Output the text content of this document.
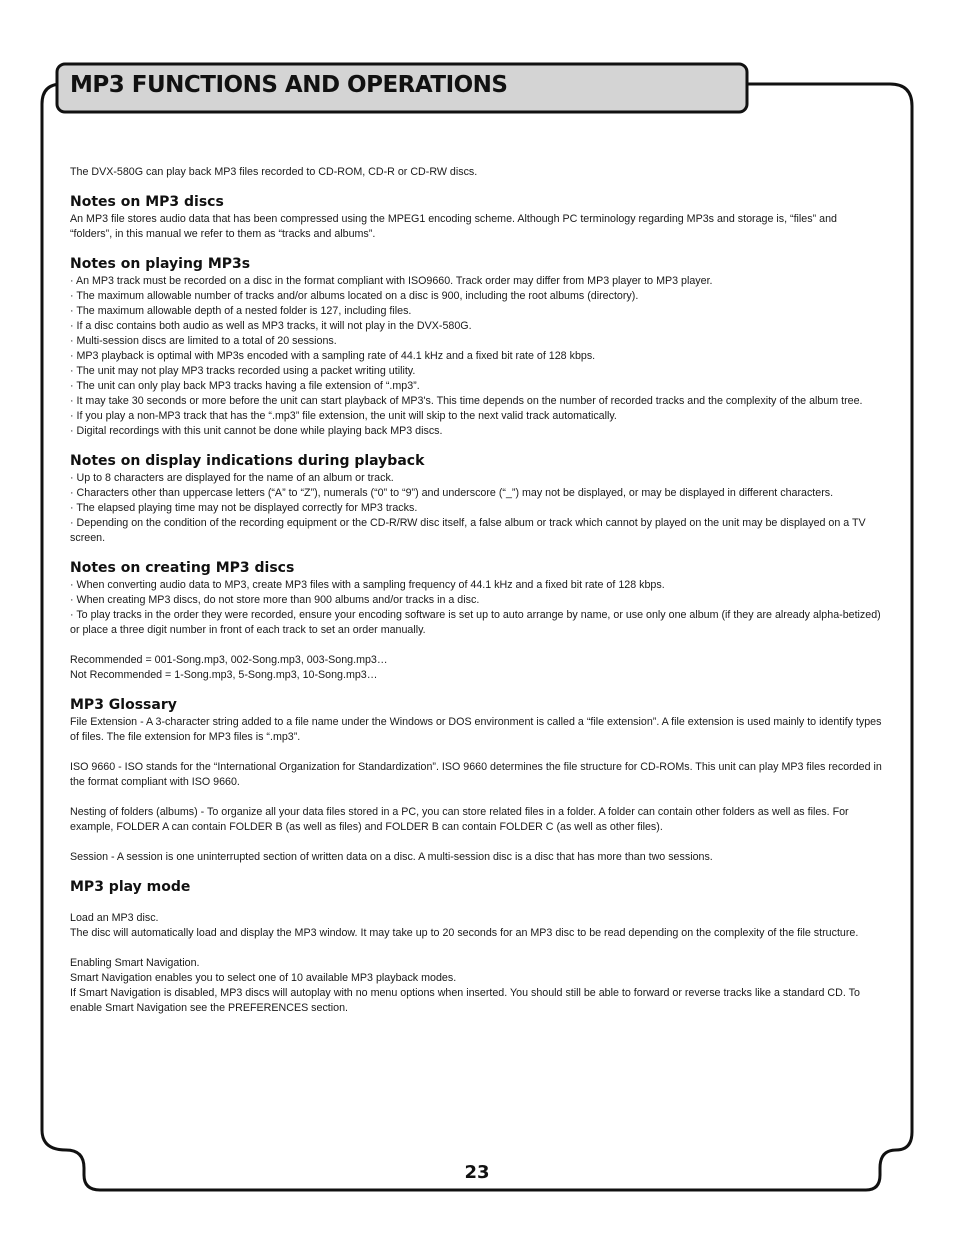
MP3 FUNCTIONS AND OPERATIONS

The DVX-580G can play back MP3 files recorded to CD-ROM, CD-R or CD-RW discs.

Notes on MP3 discs

An MP3 file stores audio data that has been compressed using the MPEG1 encoding scheme. Although PC terminology regarding MP3s and storage is, “files” and “folders”, in this manual we refer to them as “tracks and albums”.

Notes on playing MP3s

· An MP3 track must be recorded on a disc in the format compliant with ISO9660. Track order may differ from MP3 player to MP3 player.

· The maximum allowable number of tracks and/or albums located on a disc is 900, including the root albums (directory).

· The maximum allowable depth of a nested folder is 127, including files.

· If a disc contains both audio as well as MP3 tracks, it will not play in the DVX-580G.

· Multi-session discs are limited to a total of 20 sessions.

· MP3 playback is optimal with MP3s encoded with a sampling rate of 44.1 kHz and a fixed bit rate of 128 kbps.

· The unit may not play MP3 tracks recorded using a packet writing utility.

· The unit can only play back MP3 tracks having a file extension of “.mp3”.

· It may take 30 seconds or more before the unit can start playback of MP3's. This time depends on the number of recorded tracks and the complexity of the album tree.

· If you play a non-MP3 track that has the “.mp3” file extension, the unit will skip to the next valid track automatically.

· Digital recordings with this unit cannot be done while playing back MP3 discs.

Notes on display indications during playback

· Up to 8 characters are displayed for the name of an album or track.

· Characters other than uppercase letters (“A” to “Z”), numerals (“0” to “9”) and underscore (“_”) may not be displayed, or may be displayed in different characters.

· The elapsed playing time may not be displayed correctly for MP3 tracks.

· Depending on the condition of the recording equipment or the CD-R/RW disc itself, a false album or track which cannot by played on the unit may be displayed on a TV screen.

Notes on creating MP3 discs

· When converting audio data to MP3, create MP3 files with a sampling frequency of 44.1 kHz and a fixed bit rate of 128 kbps.

· When creating MP3 discs, do not store more than 900 albums and/or tracks in a disc.

· To play tracks in the order they were recorded, ensure your encoding software is set up to auto arrange by name, or use only one album (if they are already alpha-betized) or place a three digit number in front of each track to set an order manually.

Recommended = 001-Song.mp3, 002-Song.mp3, 003-Song.mp3…

Not Recommended = 1-Song.mp3, 5-Song.mp3, 10-Song.mp3…

MP3 Glossary

File Extension - A 3-character string added to a file name under the Windows or DOS environment is called a “file extension”. A file extension is used mainly to identify types of files. The file extension for MP3 files is “.mp3”.

ISO 9660 - ISO stands for the “International Organization for Standardization”. ISO 9660 determines the file structure for CD-ROMs. This unit can play MP3 files recorded in the format compliant with ISO 9660.

Nesting of folders (albums) - To organize all your data files stored in a PC, you can store related files in a folder. A folder can contain other folders as well as files. For example, FOLDER A can contain FOLDER B (as well as files) and FOLDER B can contain FOLDER C (as well as other files).

Session - A session is one uninterrupted section of written data on a disc. A multi-session disc is a disc that has more than two sessions.

MP3 play mode

Load an MP3 disc.

The disc will automatically load and display the MP3 window. It may take up to 20 seconds for an MP3 disc to be read depending on the complexity of the file structure.

Enabling Smart Navigation.

Smart Navigation enables you to select one of 10 available MP3 playback modes.

If Smart Navigation is disabled, MP3 discs will autoplay with no menu options when inserted. You should still be able to forward or reverse tracks like a standard CD. To enable Smart Navigation see the PREFERENCES section.

23
